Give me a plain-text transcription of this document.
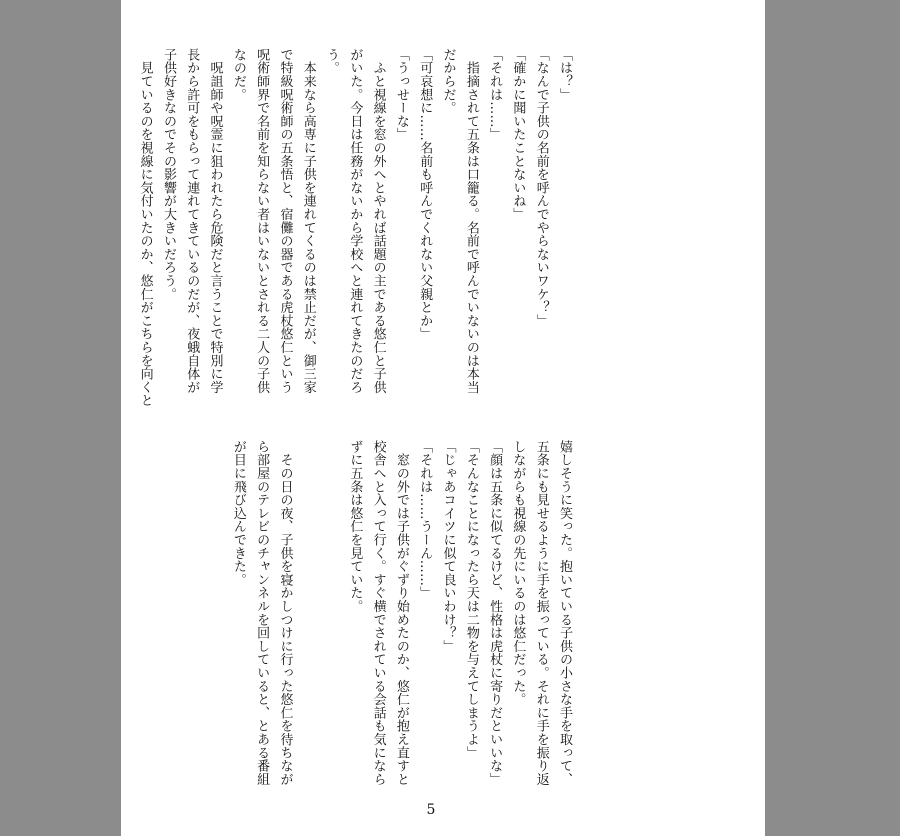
「は？」
「なんで子供の名前を呼んでやらないワケ？」
「確かに聞いたことないね」
「それは……」
　指摘されて五条は口籠る。名前で呼んでいないのは本当
だからだ。
「可哀想に……名前も呼んでくれない父親とか」
「うっせーな」
　ふと視線を窓の外へとやれば話題の主である悠仁と子供
がいた。今日は任務がないから学校へと連れてきたのだろ
う。
　本来なら高専に子供を連れてくるのは禁止だが、御三家
で特級呪術師の五条悟と、宿儺の器である虎杖悠仁という
呪術師界で名前を知らない者はいないとされる二人の子供
なのだ。
　呪詛師や呪霊に狙われたら危険だと言うことで特別に学
長から許可をもらって連れてきているのだが、夜蛾自体が
子供好きなのでその影響が大きいだろう。
　見ているのを視線に気付いたのか、悠仁がこちらを向くと
嬉しそうに笑った。抱いている子供の小さな手を取って、
五条にも見せるように手を振っている。それに手を振り返
しながらも視線の先にいるのは悠仁だった。
「顔は五条に似てるけど、性格は虎杖に寄りだといいな」
「そんなことになったら天は二物を与えてしまうよ」
「じゃあコイツに似て良いわけ？」
「それは……うーん……」
　窓の外では子供がぐずり始めたのか、悠仁が抱え直すと
校舎へと入って行く。すぐ横でされている会話も気になら
ずに五条は悠仁を見ていた。

　その日の夜、子供を寝かしつけに行った悠仁を待ちなが
ら部屋のテレビのチャンネルを回していると、とある番組
が目に飛び込んできた。
5
